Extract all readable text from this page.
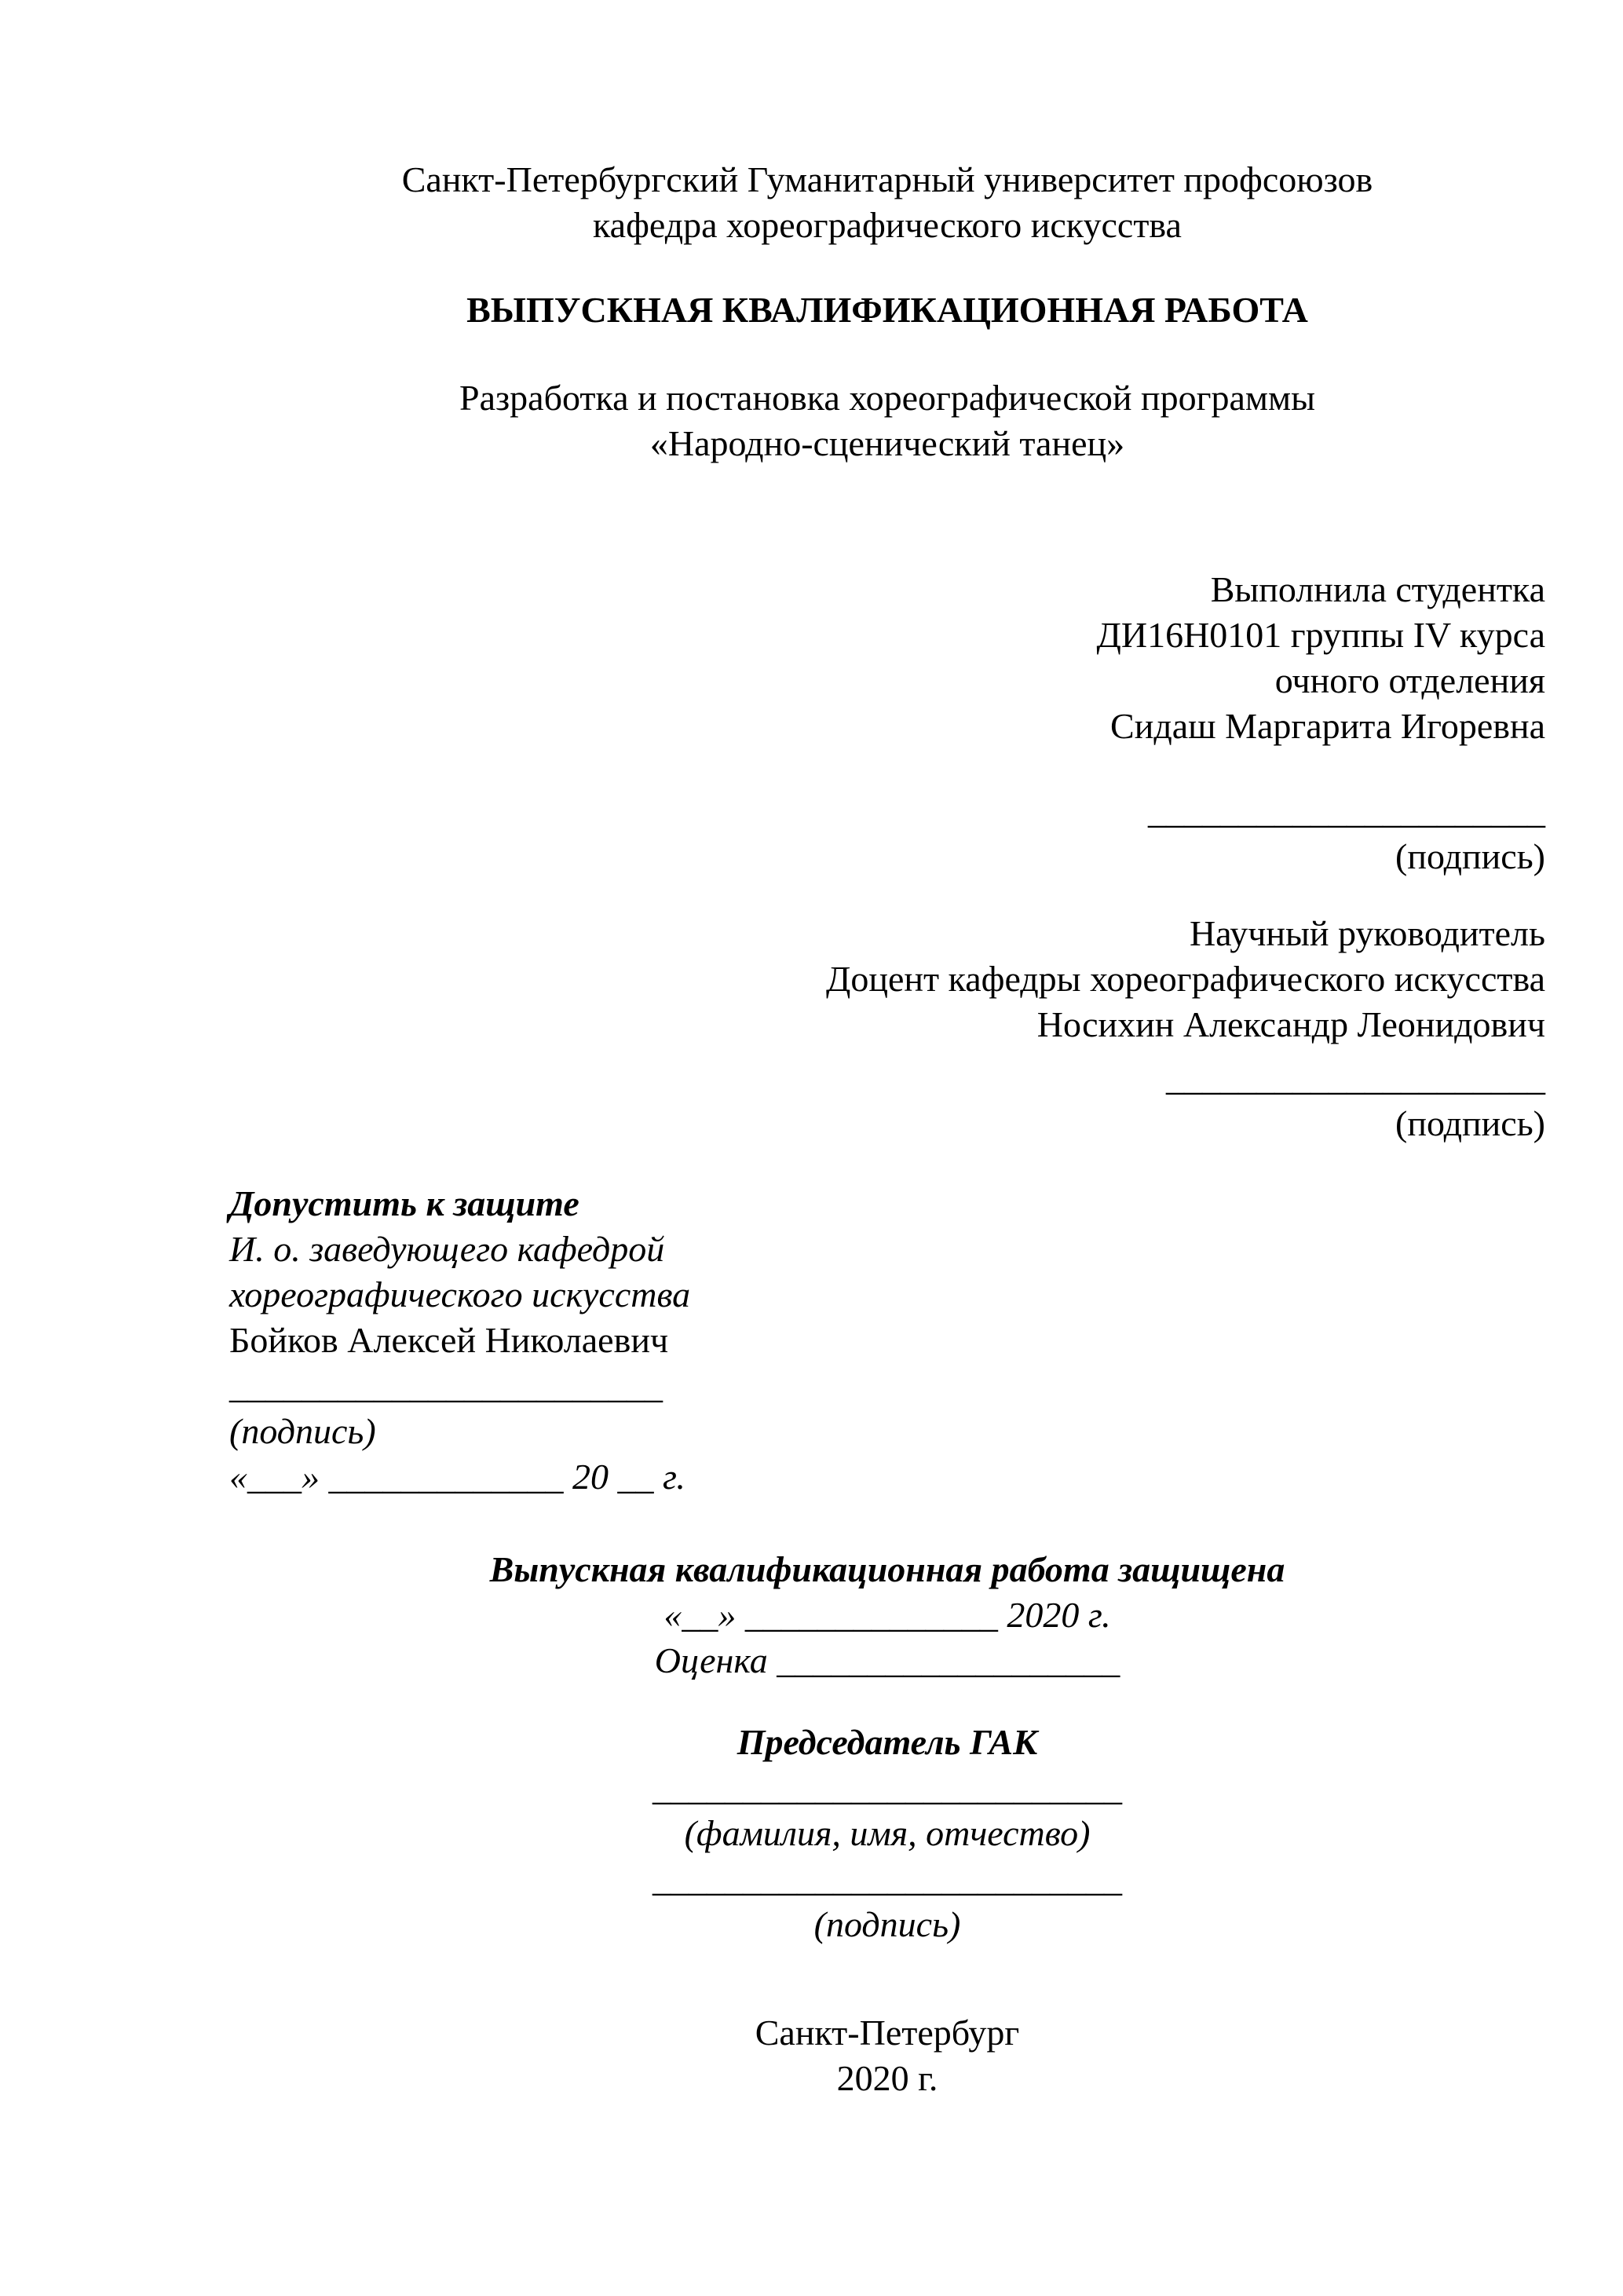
Санкт-Петербургский Гуманитарный университет профсоюзов
кафедра хореографического искусства
ВЫПУСКНАЯ КВАЛИФИКАЦИОННАЯ РАБОТА
Разработка и постановка хореографической программы
«Народно-сценический танец»
Выполнила студентка
ДИ16Н0101 группы IV курса
очного отделения
Сидаш Маргарита Игоревна
______________________
(подпись)
Научный руководитель
Доцент кафедры хореографического искусства
Носихин Александр Леонидович
_____________________
(подпись)
Допустить к защите
И. о. заведующего кафедрой
хореографического искусства
Бойков Алексей Николаевич
________________________
(подпись)
«___» _____________ 20 __ г.
Выпускная квалификационная работа защищена
«__» ______________ 2020 г.
Оценка ___________________
Председатель ГАК
__________________________
(фамилия, имя, отчество)
__________________________
(подпись)
Санкт-Петербург
2020 г.
